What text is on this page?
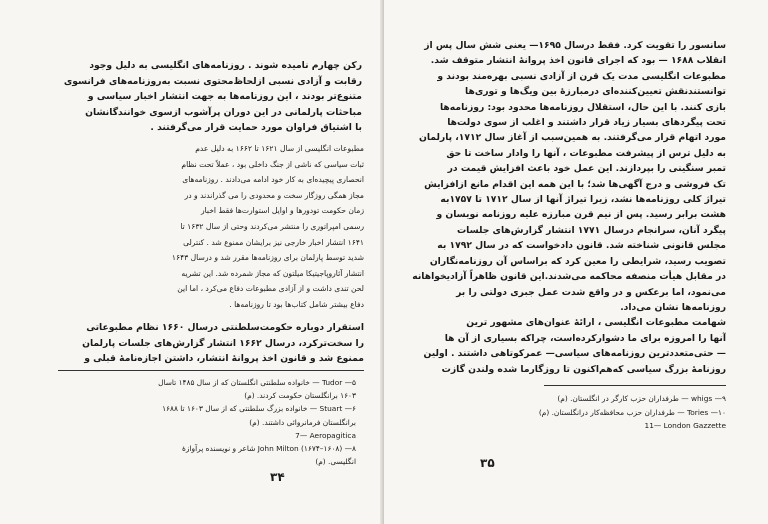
رکن چهارم نامیده شوند . روزنامه‌های انگلیسی به دلیل وجود
رقابت و آزادی نسبی ازلحاظ‌محتوی نسبت به‌روزنامه‌های فرانسوی
متنوع‌تر بودند ، این روزنامه‌ها به جهت انتشار اخبار سیاسی و
مباحثات پارلمانی در این دوران پرآشوب ازسوی خوانندگانشان
با اشتیاق فراوان مورد حمایت قرار می‌گرفتند .
مطبوعات انگلیسی از سال ۱۶۲۱ تا ۱۶۶۲ به دلیل عدم
ثبات سیاسی که ناشی از جنگ داخلی بود ، عملاً تحت نظام
انحصاری پیچیده‌ای به کار خود ادامه می‌دادند . روزنامه‌های
مجاز همگی روزگار سخت و محدودی را می گذراندند و در
زمان حکومت تودورها و اوایل استوارت‌ها فقط اخبار
رسمی امپراتوری را منتشر می‌کردند وحتی از سال ۱۶۳۲ تا
۱۶۴۱ انتشار اخبار خارجی نیز برایشان ممنوع شد . کنترلی
شدید توسط پارلمان برای روزنامه‌ها مقرر شد و درسال ۱۶۴۳
انتشار آثاروپاجیتیکا میلتون که مجاز شمرده شد. این تشریه
لحن تندی داشت و از آزادی مطبوعات دفاع می‌کرد ، اما این
دفاع بیشتر شامل کتاب‌ها بود تا روزنامه‌ها .
استقرار دوباره حکومت‌سلطنتی درسال ۱۶۶۰ نظام مطبوعاتی
را سخت‌ترکرد، درسال ۱۶۶۲ انتشار گزارش‌های جلسات پارلمان
ممنوع شد و قانون اخذ پروانهٔ انتشار، داشتن اجازه‌نامهٔ قبلی و
۵— Tudor — خانواده سلطنتی انگلستان که از سال ۱۴۸۵ تاسال
۱۶۰۳ برانگلستان حکومت کردند. (م)
۶— Stuart — خانواده بزرگ سلطنتی که از سال ۱۶۰۳ تا ۱۶۸۸
برانگلستان فرمانروائی داشتند. (م)
7— Aeropagitica
۸— John Milton (۱۶۷۴–۱۶۰۸) شاعر و نویسنده پرآوازهٔ
انگلیسی. (م)
۳۴
سانسور را تقویت کرد. فقط درسال ۱۶۹۵— یعنی شش سال پس از
انقلاب ۱۶۸۸ — بود که اجرای قانون اخذ پروانهٔ انتشار متوقف شد.
مطبوعات انگلیسی مدت یک قرن از آزادی نسبی بهره‌مند بودند و
توانستندنقش تعیین‌کننده‌ای درمبارزهٔ بین ویگ‌ها و توری‌ها
بازی کنند. با این حال، استقلال روزنامه‌ها محدود بود: روزنامه‌ها
تحت پیگردهای بسیار زیاد قرار داشتند و اغلب از سوی دولت‌ها
مورد اتهام قرار می‌گرفتند. به همین‌سبب از آغاز سال ۱۷۱۲، پارلمان
به دلیل ترس از پیشرفت مطبوعات ، آنها را وادار ساخت تا حق
تمبر سنگینی را بپردازند. این عمل خود باعث افزایش قیمت در
تک فروشی و درج آگهی‌ها شد؛ با این همه این اقدام مانع ازافزایش
تیراژ کلی روزنامه‌ها نشد، زیرا تیراژ آنها از سال ۱۷۱۲ تا ۱۷۵۷به
هشت برابر رسید. پس از نیم قرن مبارزه علیه روزنامه نویسان و
پیگرد آنان، سرانجام درسال ۱۷۷۱ انتشار گزارش‌های جلسات
مجلس قانونی شناخته شد. قانون دادخواست که در سال ۱۷۹۲ به
تصویب رسید، شرایطی را معین کرد که براساس آن روزنامه‌نگاران
در مقابل هیأت منصفه محاکمه می‌شدند.این قانون ظاهراً آزادیخواهانه
می‌نمود، اما برعکس و در واقع شدت عمل جبری دولتی را بر
روزنامه‌ها نشان می‌داد.
شهامت مطبوعات انگلیسی ، ارائهٔ عنوان‌های مشهور ترین
آنها را امروزه برای ما دشوارکرده‌است، چراکه بسیاری از آن ها
— حتی‌متعددترین روزنامه‌های سیاسی— عمرکوتاهی داشتند . اولین
روزنامهٔ بزرگ سیاسی که‌هم‌اکنون تا روزگارما شده ولندن گازت
۹— whigs — طرفداران حزب کارگر در انگلستان. (م)
۱۰— Tories — طرفداران حزب محافظه‌کار درانگلستان. (م)
11— London Gazzette
۳۵
